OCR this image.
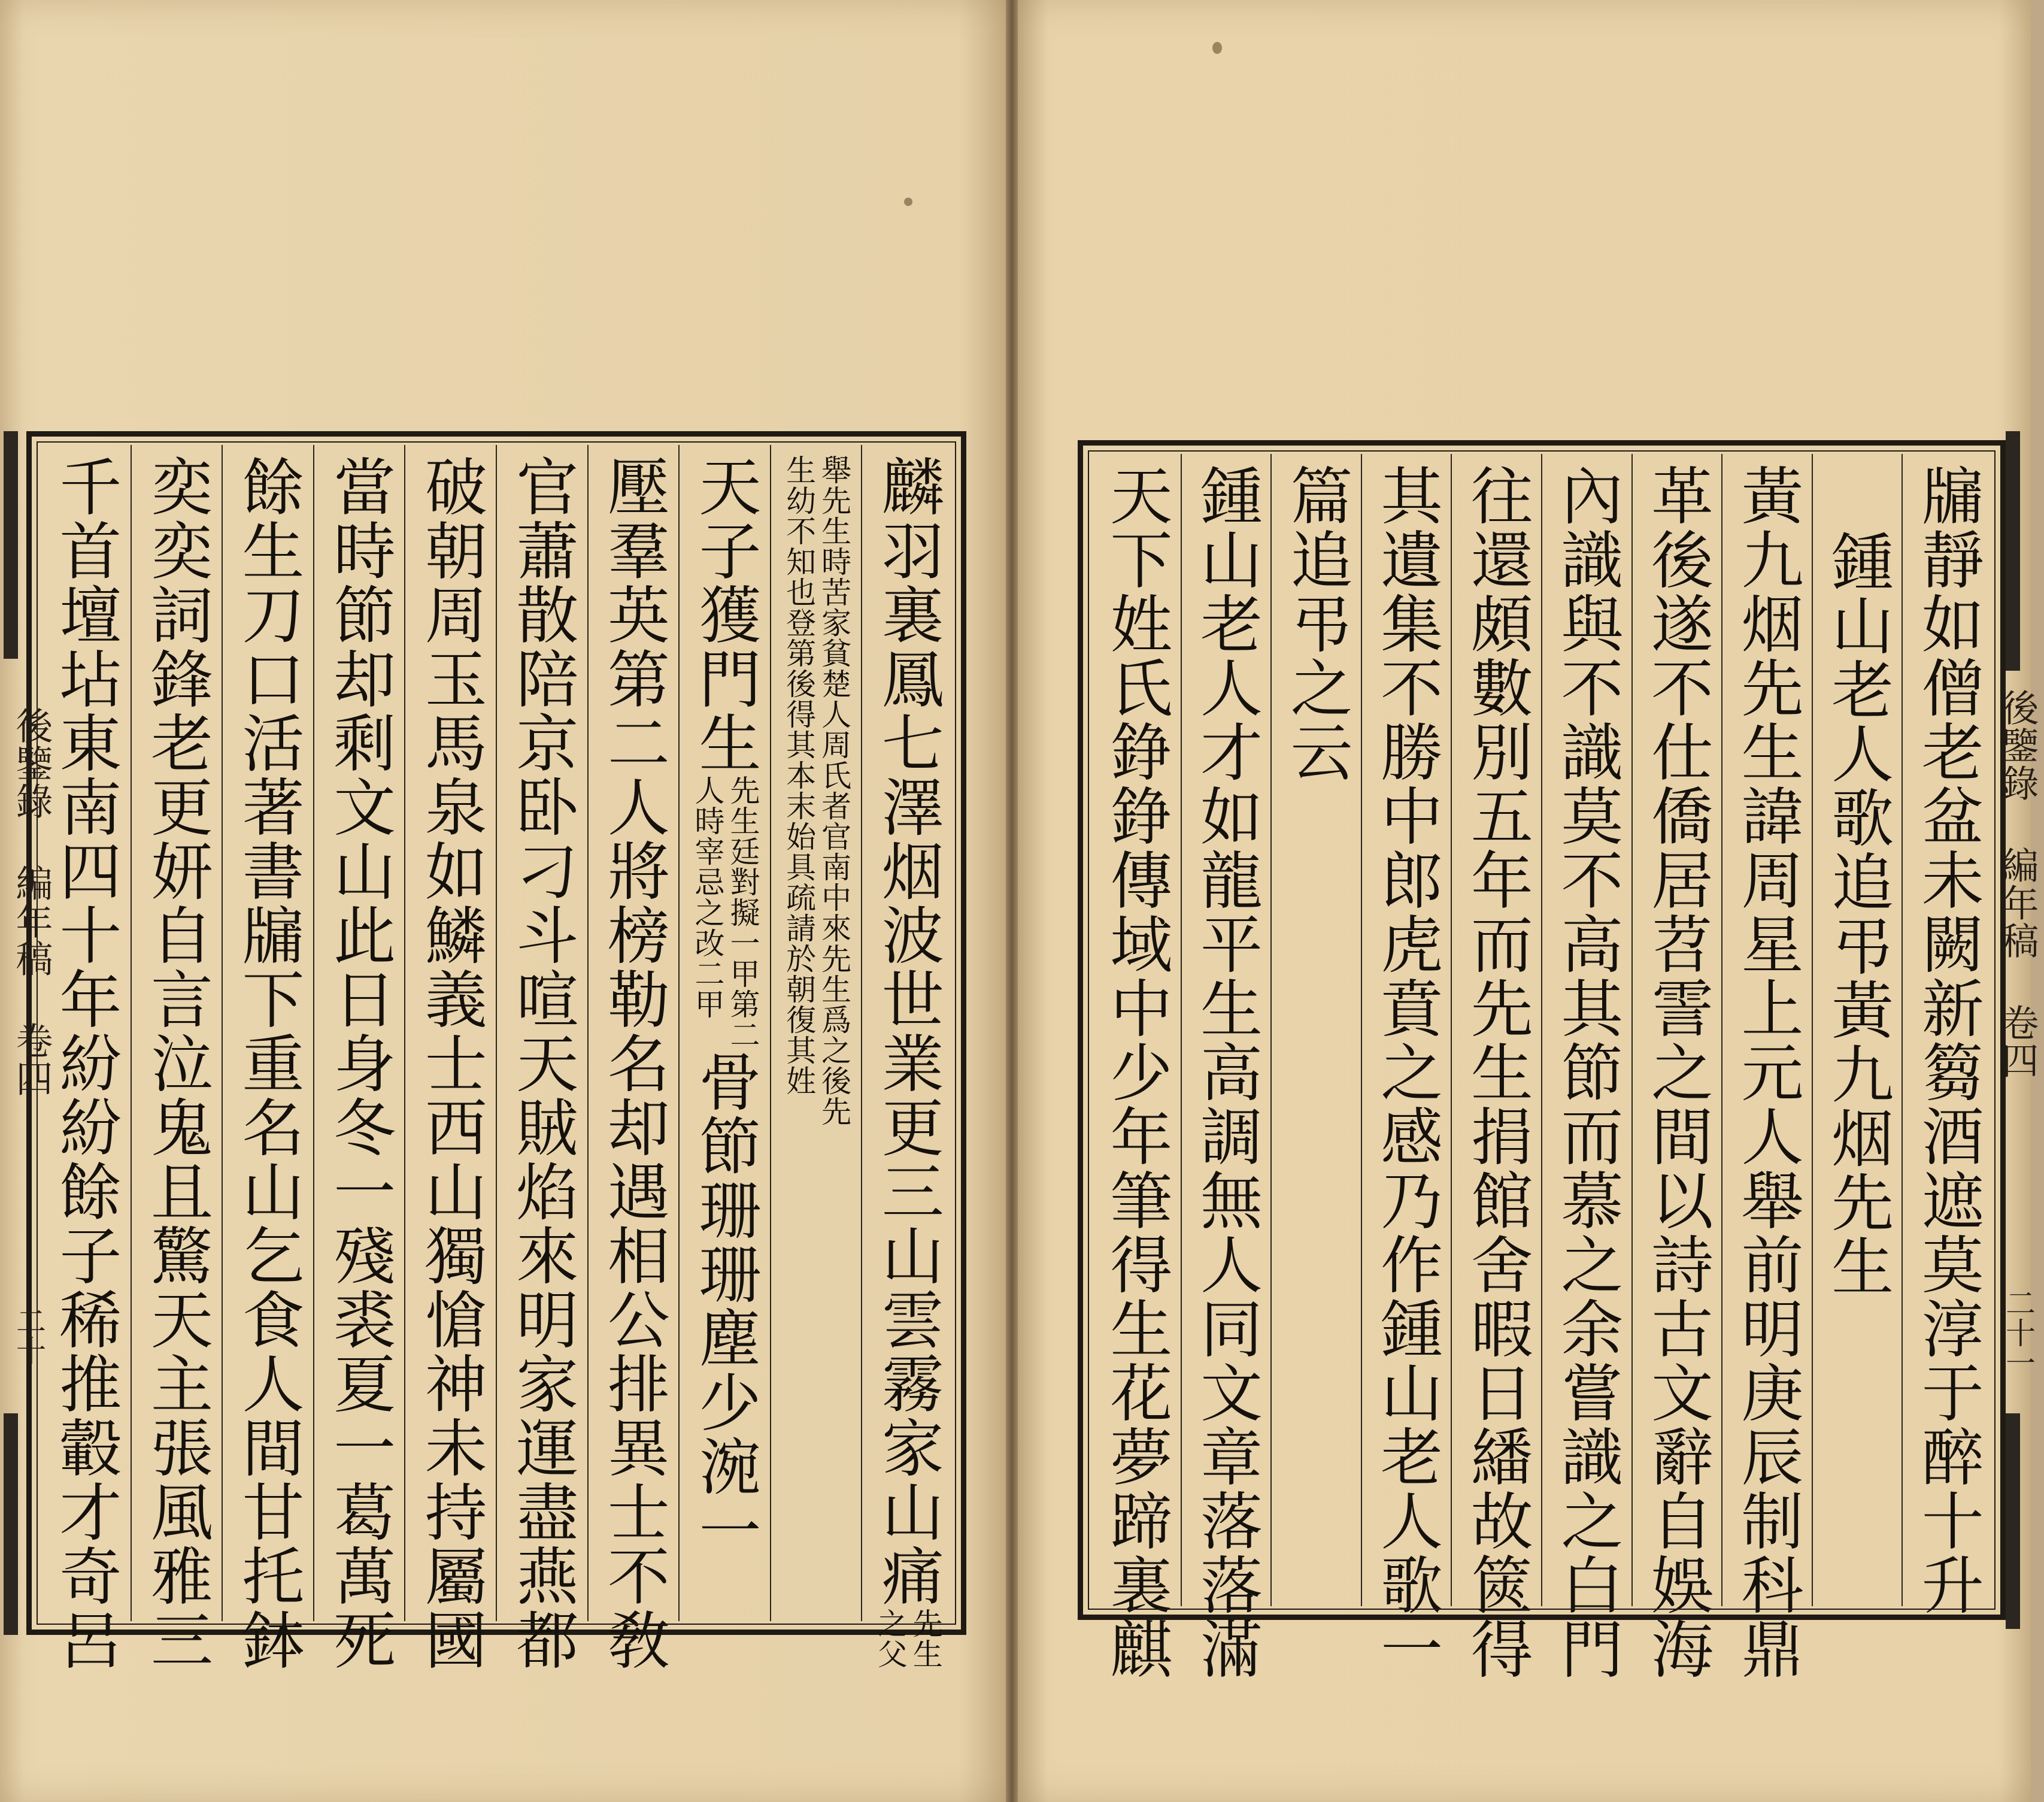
麟羽裏鳳七澤烟波世業更三山雲霧家山痛
先生
之父
舉先生時苦家貧楚人周氏者官南中來先生爲之後先
生幼不知也登第後得其本末始具疏請於朝復其姓
天子獲門生
先生廷對擬一甲第二
人時宰忌之改二甲
骨節珊珊塵少涴一
壓羣英第二人將榜勒名却遇相公排異士不敎
官蕭散陪京卧刁斗喧天賊焰來明家運盡燕都
破朝周玉馬泉如鱗義士西山獨愴神未持屬國
當時節却剩文山此日身冬一殘裘夏一葛萬死
餘生刀口活著書牖下重名山乞食人間甘托鉢
奕奕詞鋒老更妍自言泣鬼且驚天主張風雅三
千首壇坫東南四十年紛紛餘子稀推轂才奇呂
後鑒錄 編年稿 卷四
二十	牖靜如僧老盆未闕新篘酒遮莫淳于醉十升
鍾山老人歌追弔黃九烟先生
黃九烟先生諱周星上元人舉前明庚辰制科鼎
革後遂不仕僑居苕霅之間以詩古文辭自娛海
內識與不識莫不高其節而慕之余嘗識之白門
往還頗數別五年而先生捐館舍暇日繙故篋得
其遺集不勝中郎虎賁之感乃作鍾山老人歌一
篇追弔之云
鍾山老人才如龍平生高調無人同文章落落滿
天下姓氏錚錚傳域中少年筆得生花夢蹄裏麒	後鑒錄 編年稿 卷四
二十一
